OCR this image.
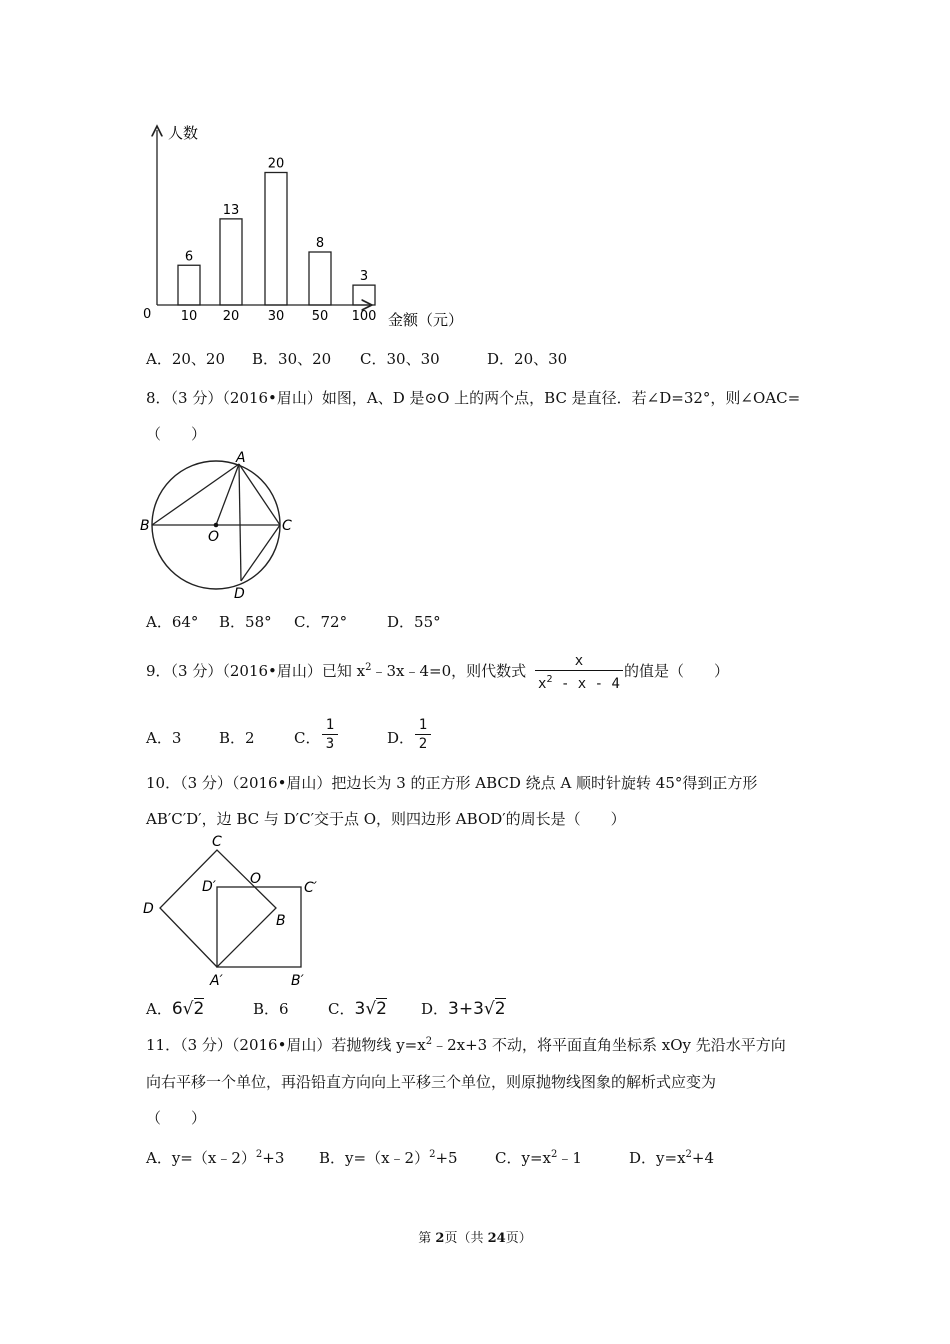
人数
金额（元）
0
6
10
13
20
20
30
8
50
3
100
A．20、20 B．30、20 C．30、30	D．20、30
8．（3 分）（2016•眉山）如图，A、D 是⊙O 上的两个点，BC 是直径．若∠D=32°，则∠OAC=
（　　）
A
B	C
O
D
A．64° B．58° C．72°	D．55°
9．（3 分）（2016•眉山）已知 $x^2﹣3x﹣4=0$，则代数式
x
$x^2$ - x - 4
的值是（　　）
A．3	B．2	C．
1
3	D．
1
2
10．（3 分）（2016•眉山）把边长为 3 的正方形 ABCD 绕点 A 顺时针旋转 45°得到正方形
AB′C′D′，边 BC 与 D′C′交于点 O，则四边形 ABOD′的周长是（　　）
C
D′ O
C′
D
B
A′	B′
A．6√2	B．6	C．3√2 D．3+3√2
11．（3 分）（2016•眉山）若抛物线 $y=x^2﹣2x+3$ 不动，将平面直角坐标系 xOy 先沿水平方向
向右平移一个单位，再沿铅直方向向上平移三个单位，则原抛物线图象的解析式应变为
（　　）
A．y=（x﹣2）$^2$+3 B．y=（x﹣2）$^2$+5 C．$y=x^2﹣1$	D．$y=x^2+4$
第 2页（共 24页）
